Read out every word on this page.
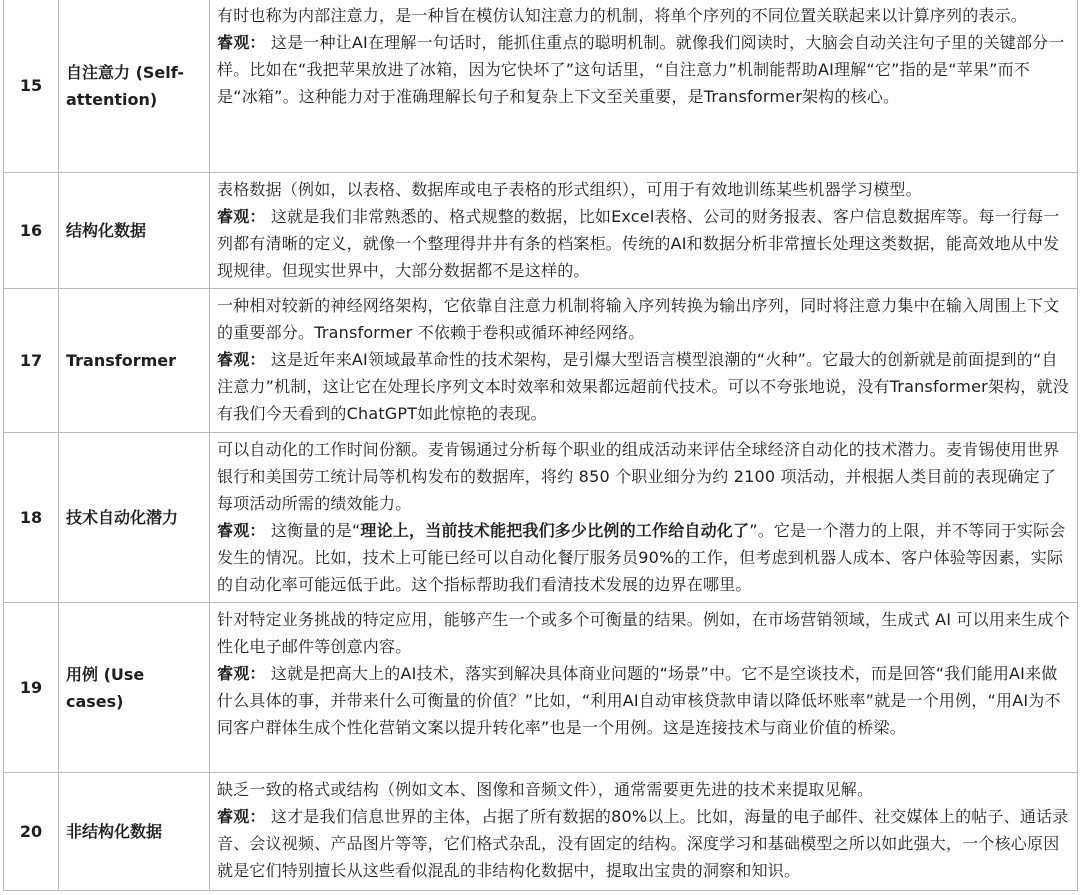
15	自注意力 (Self-attention)	有时也称为内部注意力，是一种旨在模仿认知注意力的机制，将单个序列的不同位置关联起来以计算序列的表示。
睿观： 这是一种让AI在理解一句话时，能抓住重点的聪明机制。就像我们阅读时，大脑会自动关注句子里的关键部分一样。比如在“我把苹果放进了冰箱，因为它快坏了”这句话里，“自注意力”机制能帮助AI理解“它”指的是“苹果”而不是“冰箱”。这种能力对于准确理解长句子和复杂上下文至关重要，是Transformer架构的核心。
16	结构化数据	表格数据（例如，以表格、数据库或电子表格的形式组织），可用于有效地训练某些机器学习模型。
睿观： 这就是我们非常熟悉的、格式规整的数据，比如Excel表格、公司的财务报表、客户信息数据库等。每一行每一列都有清晰的定义，就像一个整理得井井有条的档案柜。传统的AI和数据分析非常擅长处理这类数据，能高效地从中发现规律。但现实世界中，大部分数据都不是这样的。
17	Transformer	一种相对较新的神经网络架构，它依靠自注意力机制将输入序列转换为输出序列，同时将注意力集中在输入周围上下文的重要部分。Transformer 不依赖于卷积或循环神经网络。
睿观： 这是近年来AI领域最革命性的技术架构，是引爆大型语言模型浪潮的“火种”。它最大的创新就是前面提到的“自注意力”机制，这让它在处理长序列文本时效率和效果都远超前代技术。可以不夸张地说，没有Transformer架构，就没有我们今天看到的ChatGPT如此惊艳的表现。
18	技术自动化潜力	可以自动化的工作时间份额。麦肯锡通过分析每个职业的组成活动来评估全球经济自动化的技术潜力。麦肯锡使用世界银行和美国劳工统计局等机构发布的数据库，将约 850 个职业细分为约 2100 项活动，并根据人类目前的表现确定了每项活动所需的绩效能力。
睿观： 这衡量的是“理论上，当前技术能把我们多少比例的工作给自动化了”。它是一个潜力的上限，并不等同于实际会发生的情况。比如，技术上可能已经可以自动化餐厅服务员90%的工作，但考虑到机器人成本、客户体验等因素，实际的自动化率可能远低于此。这个指标帮助我们看清技术发展的边界在哪里。
19	用例 (Use cases)	针对特定业务挑战的特定应用，能够产生一个或多个可衡量的结果。例如，在市场营销领域，生成式 AI 可以用来生成个性化电子邮件等创意内容。
睿观： 这就是把高大上的AI技术，落实到解决具体商业问题的“场景”中。它不是空谈技术，而是回答“我们能用AI来做什么具体的事，并带来什么可衡量的价值？”比如，“利用AI自动审核贷款申请以降低坏账率”就是一个用例，“用AI为不同客户群体生成个性化营销文案以提升转化率”也是一个用例。这是连接技术与商业价值的桥梁。
20	非结构化数据	缺乏一致的格式或结构（例如文本、图像和音频文件），通常需要更先进的技术来提取见解。
睿观： 这才是我们信息世界的主体，占据了所有数据的80%以上。比如，海量的电子邮件、社交媒体上的帖子、通话录音、会议视频、产品图片等等，它们格式杂乱，没有固定的结构。深度学习和基础模型之所以如此强大，一个核心原因就是它们特别擅长从这些看似混乱的非结构化数据中，提取出宝贵的洞察和知识。
